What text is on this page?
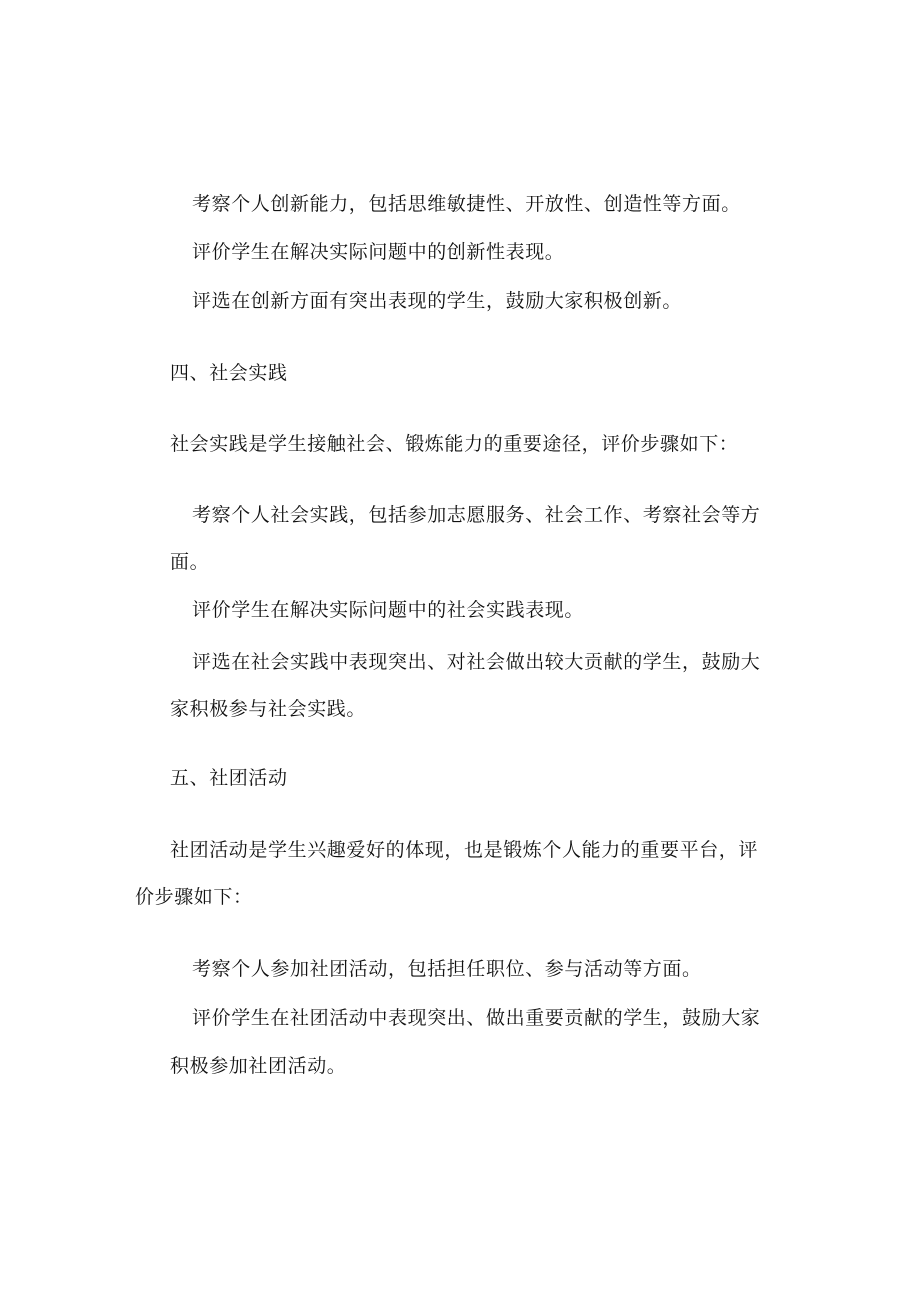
考察个人创新能力，包括思维敏捷性、开放性、创造性等方面。
评价学生在解决实际问题中的创新性表现。
评选在创新方面有突出表现的学生，鼓励大家积极创新。
四、社会实践
社会实践是学生接触社会、锻炼能力的重要途径，评价步骤如下：
考察个人社会实践，包括参加志愿服务、社会工作、考察社会等方
面。
评价学生在解决实际问题中的社会实践表现。
评选在社会实践中表现突出、对社会做出较大贡献的学生，鼓励大
家积极参与社会实践。
五、社团活动
社团活动是学生兴趣爱好的体现，也是锻炼个人能力的重要平台，评
价步骤如下：
考察个人参加社团活动，包括担任职位、参与活动等方面。
评价学生在社团活动中表现突出、做出重要贡献的学生，鼓励大家
积极参加社团活动。
